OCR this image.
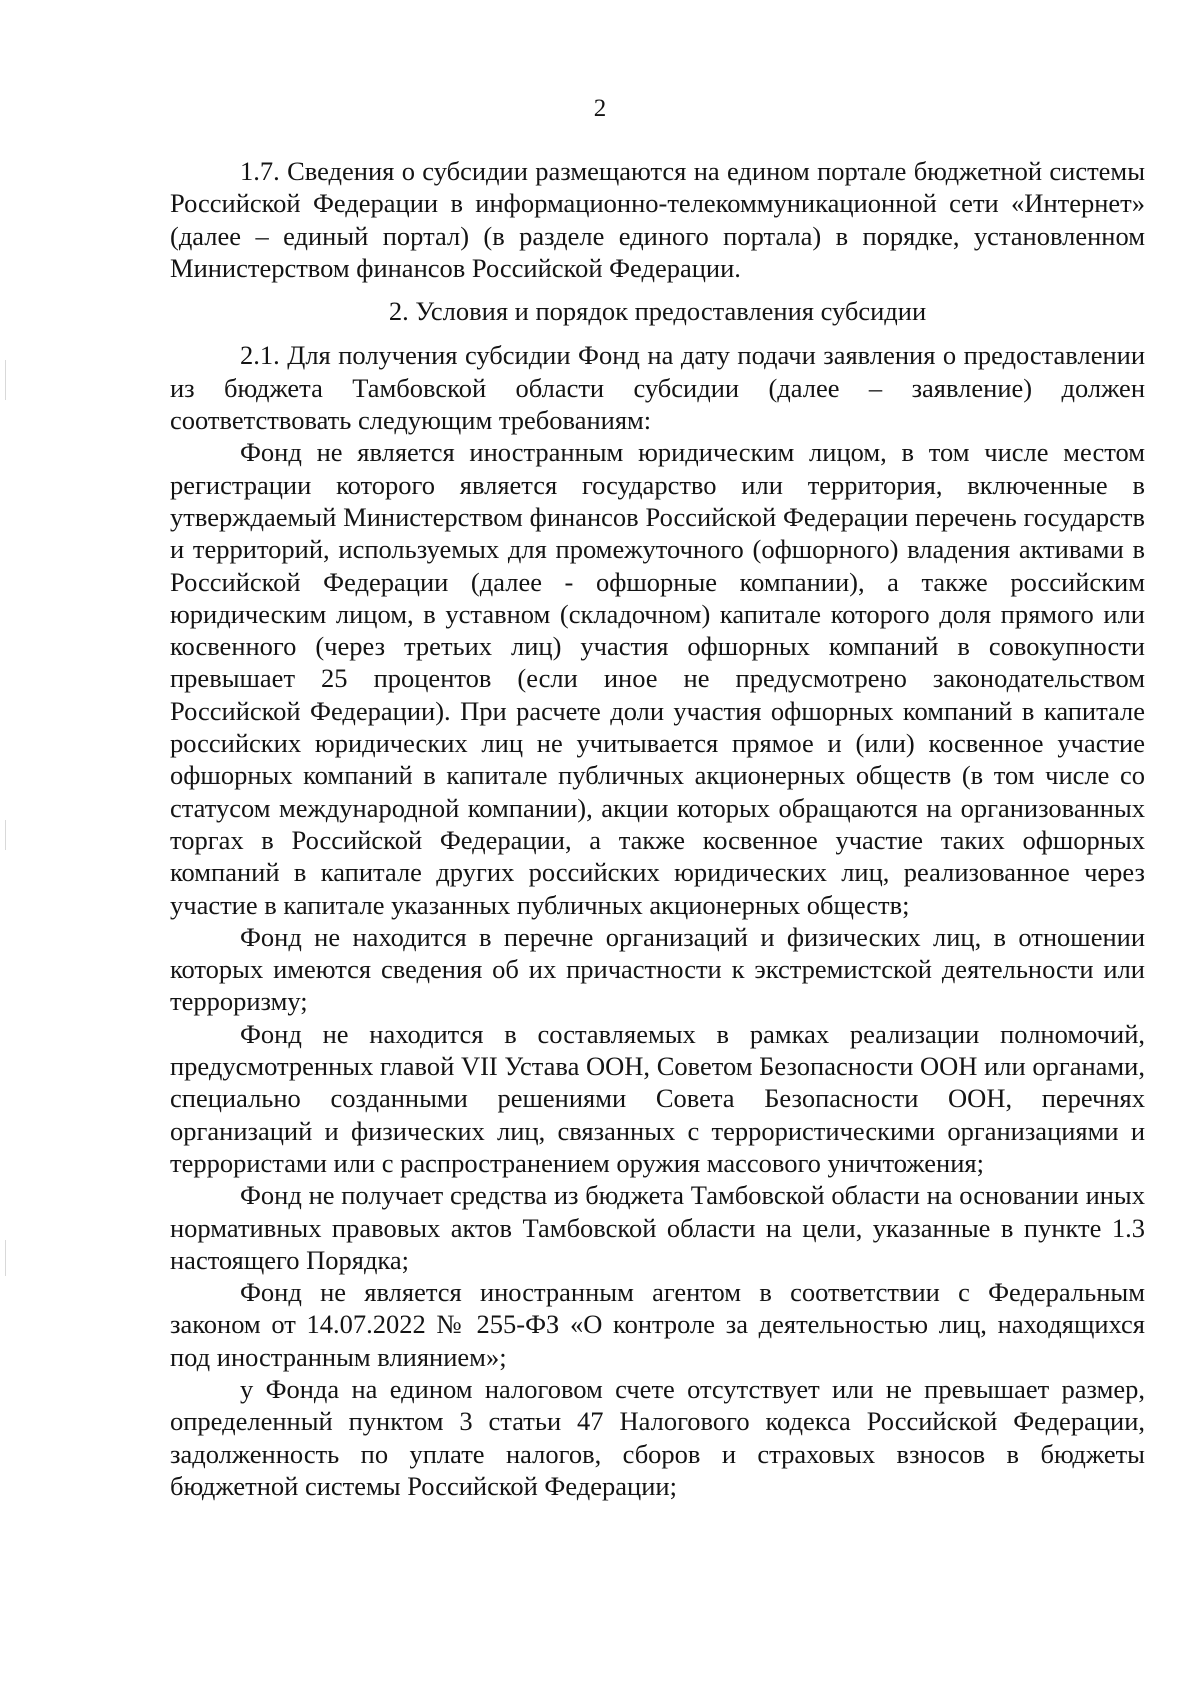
2

1.7. Сведения о субсидии размещаются на едином портале бюджетной системы Российской Федерации в информационно-телекоммуникационной сети «Интернет» (далее – единый портал) (в разделе единого портала) в порядке, установленном Министерством финансов Российской Федерации.

2. Условия и порядок предоставления субсидии

2.1. Для получения субсидии Фонд на дату подачи заявления о предоставлении из бюджета Тамбовской области субсидии (далее – заявление) должен соответствовать следующим требованиям:

Фонд не является иностранным юридическим лицом, в том числе местом регистрации которого является государство или территория, включенные в утверждаемый Министерством финансов Российской Федерации перечень государств и территорий, используемых для промежуточного (офшорного) владения активами в Российской Федерации (далее - офшорные компании), а также российским юридическим лицом, в уставном (складочном) капитале которого доля прямого или косвенного (через третьих лиц) участия офшорных компаний в совокупности превышает 25 процентов (если иное не предусмотрено законодательством Российской Федерации). При расчете доли участия офшорных компаний в капитале российских юридических лиц не учитывается прямое и (или) косвенное участие офшорных компаний в капитале публичных акционерных обществ (в том числе со статусом международной компании), акции которых обращаются на организованных торгах в Российской Федерации, а также косвенное участие таких офшорных компаний в капитале других российских юридических лиц, реализованное через участие в капитале указанных публичных акционерных обществ;

Фонд не находится в перечне организаций и физических лиц, в отношении которых имеются сведения об их причастности к экстремистской деятельности или терроризму;

Фонд не находится в составляемых в рамках реализации полномочий, предусмотренных главой VII Устава ООН, Советом Безопасности ООН или органами, специально созданными решениями Совета Безопасности ООН, перечнях организаций и физических лиц, связанных с террористическими организациями и террористами или с распространением оружия массового уничтожения;

Фонд не получает средства из бюджета Тамбовской области на основании иных нормативных правовых актов Тамбовской области на цели, указанные в пункте 1.3 настоящего Порядка;

Фонд не является иностранным агентом в соответствии с Федеральным законом от 14.07.2022 № 255-ФЗ «О контроле за деятельностью лиц, находящихся под иностранным влиянием»;

у Фонда на едином налоговом счете отсутствует или не превышает размер, определенный пунктом 3 статьи 47 Налогового кодекса Российской Федерации, задолженность по уплате налогов, сборов и страховых взносов в бюджеты бюджетной системы Российской Федерации;
